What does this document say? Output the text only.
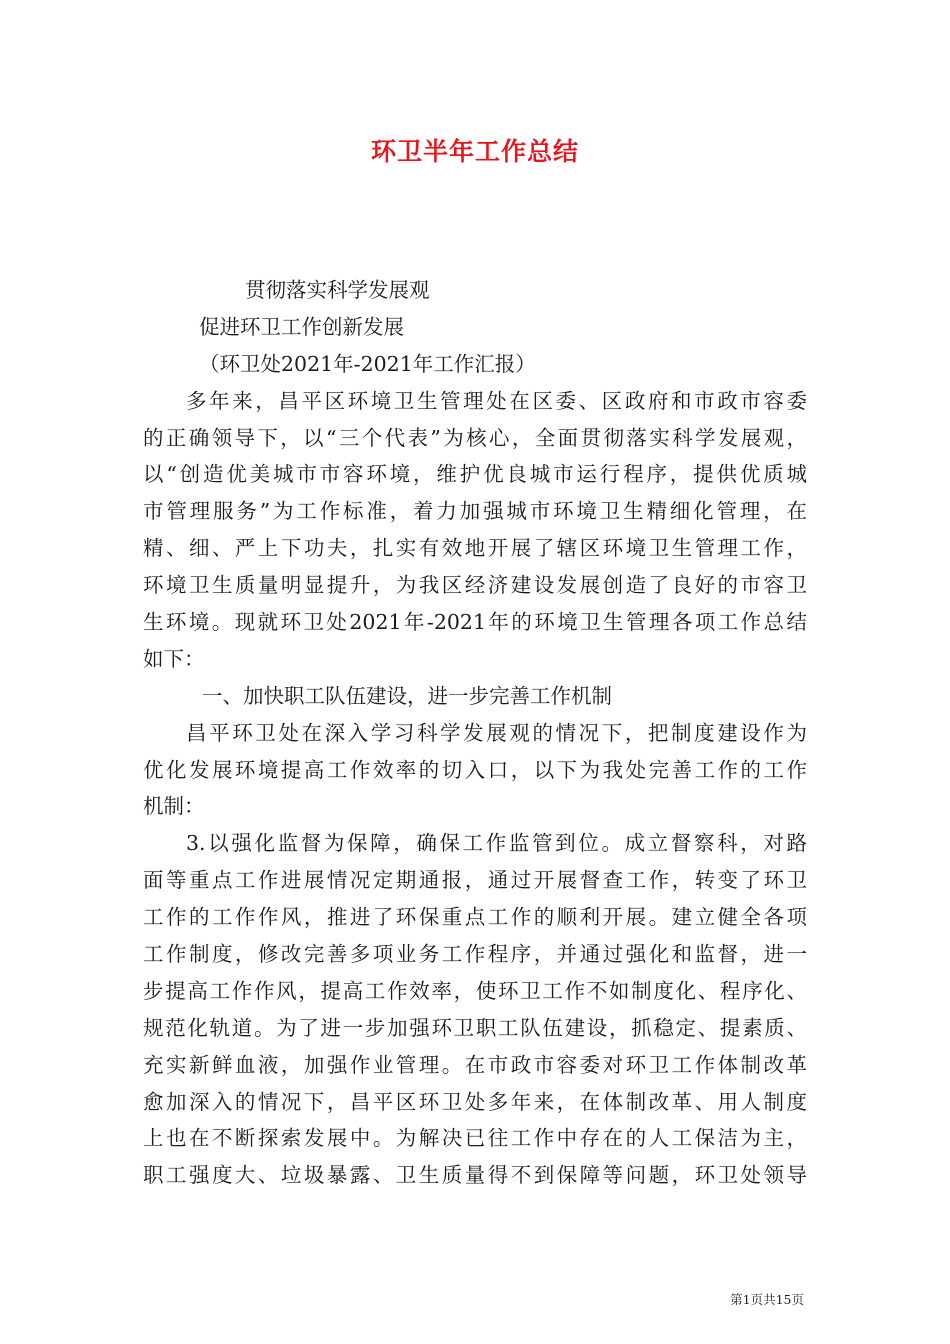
环卫半年工作总结
贯彻落实科学发展观
促进环卫工作创新发展
（环卫处2021年-2021年工作汇报）
多年来，昌平区环境卫生管理处在区委、区政府和市政市容委
的正确领导下，以“三个代表”为核心，全面贯彻落实科学发展观，
以“创造优美城市市容环境，维护优良城市运行程序，提供优质城
市管理服务”为工作标准，着力加强城市环境卫生精细化管理，在
精、细、严上下功夫，扎实有效地开展了辖区环境卫生管理工作，
环境卫生质量明显提升，为我区经济建设发展创造了良好的市容卫
生环境。现就环卫处2021年-2021年的环境卫生管理各项工作总结
如下：
一、加快职工队伍建设，进一步完善工作机制
昌平环卫处在深入学习科学发展观的情况下，把制度建设作为
优化发展环境提高工作效率的切入口，以下为我处完善工作的工作
机制：
3.以强化监督为保障，确保工作监管到位。成立督察科，对路
面等重点工作进展情况定期通报，通过开展督查工作，转变了环卫
工作的工作作风，推进了环保重点工作的顺利开展。建立健全各项
工作制度，修改完善多项业务工作程序，并通过强化和监督，进一
步提高工作作风，提高工作效率，使环卫工作不如制度化、程序化、
规范化轨道。为了进一步加强环卫职工队伍建设，抓稳定、提素质、
充实新鲜血液，加强作业管理。在市政市容委对环卫工作体制改革
愈加深入的情况下，昌平区环卫处多年来，在体制改革、用人制度
上也在不断探索发展中。为解决已往工作中存在的人工保洁为主，
职工强度大、垃圾暴露、卫生质量得不到保障等问题，环卫处领导
第1页共15页
